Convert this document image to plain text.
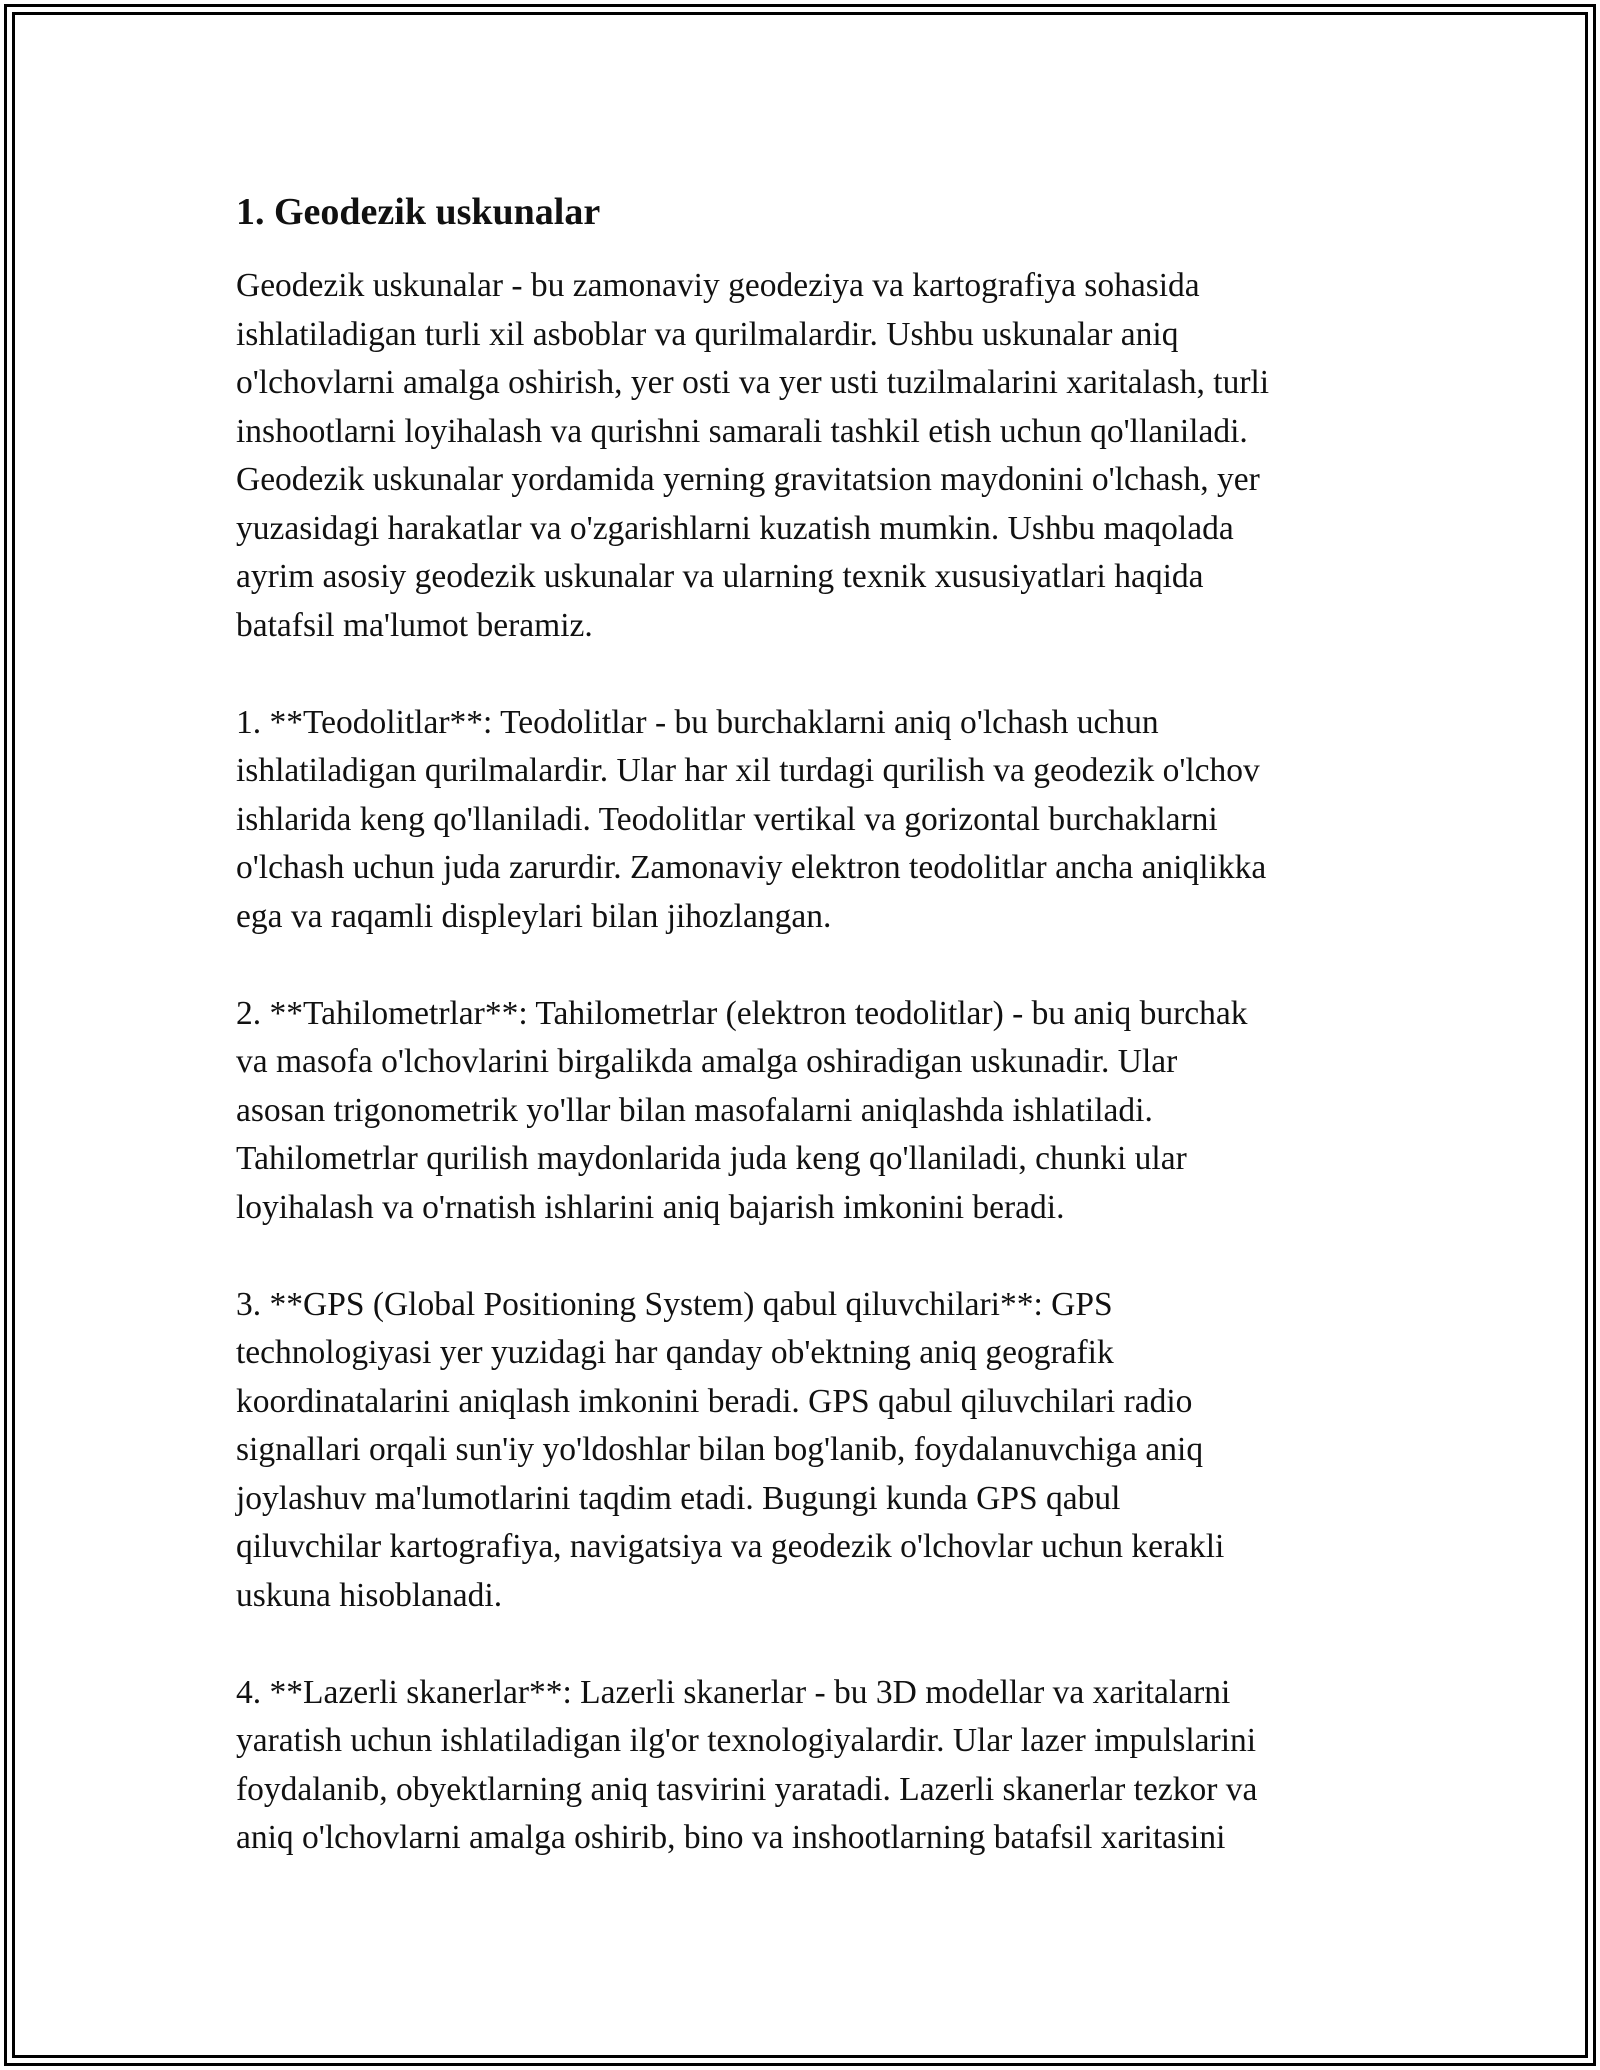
1. Geodezik uskunalar

Geodezik uskunalar - bu zamonaviy geodeziya va kartografiya sohasida
ishlatiladigan turli xil asboblar va qurilmalardir. Ushbu uskunalar aniq
o'lchovlarni amalga oshirish, yer osti va yer usti tuzilmalarini xaritalash, turli
inshootlarni loyihalash va qurishni samarali tashkil etish uchun qo'llaniladi.
Geodezik uskunalar yordamida yerning gravitatsion maydonini o'lchash, yer
yuzasidagi harakatlar va o'zgarishlarni kuzatish mumkin. Ushbu maqolada
ayrim asosiy geodezik uskunalar va ularning texnik xususiyatlari haqida
batafsil ma'lumot beramiz.

1. **Teodolitlar**: Teodolitlar - bu burchaklarni aniq o'lchash uchun
ishlatiladigan qurilmalardir. Ular har xil turdagi qurilish va geodezik o'lchov
ishlarida keng qo'llaniladi. Teodolitlar vertikal va gorizontal burchaklarni
o'lchash uchun juda zarurdir. Zamonaviy elektron teodolitlar ancha aniqlikka
ega va raqamli displeylari bilan jihozlangan.

2. **Tahilometrlar**: Tahilometrlar (elektron teodolitlar) - bu aniq burchak
va masofa o'lchovlarini birgalikda amalga oshiradigan uskunadir. Ular
asosan trigonometrik yo'llar bilan masofalarni aniqlashda ishlatiladi.
Tahilometrlar qurilish maydonlarida juda keng qo'llaniladi, chunki ular
loyihalash va o'rnatish ishlarini aniq bajarish imkonini beradi.

3. **GPS (Global Positioning System) qabul qiluvchilari**: GPS
technologiyasi yer yuzidagi har qanday ob'ektning aniq geografik
koordinatalarini aniqlash imkonini beradi. GPS qabul qiluvchilari radio
signallari orqali sun'iy yo'ldoshlar bilan bog'lanib, foydalanuvchiga aniq
joylashuv ma'lumotlarini taqdim etadi. Bugungi kunda GPS qabul
qiluvchilar kartografiya, navigatsiya va geodezik o'lchovlar uchun kerakli
uskuna hisoblanadi.

4. **Lazerli skanerlar**: Lazerli skanerlar - bu 3D modellar va xaritalarni
yaratish uchun ishlatiladigan ilg'or texnologiyalardir. Ular lazer impulslarini
foydalanib, obyektlarning aniq tasvirini yaratadi. Lazerli skanerlar tezkor va
aniq o'lchovlarni amalga oshirib, bino va inshootlarning batafsil xaritasini
